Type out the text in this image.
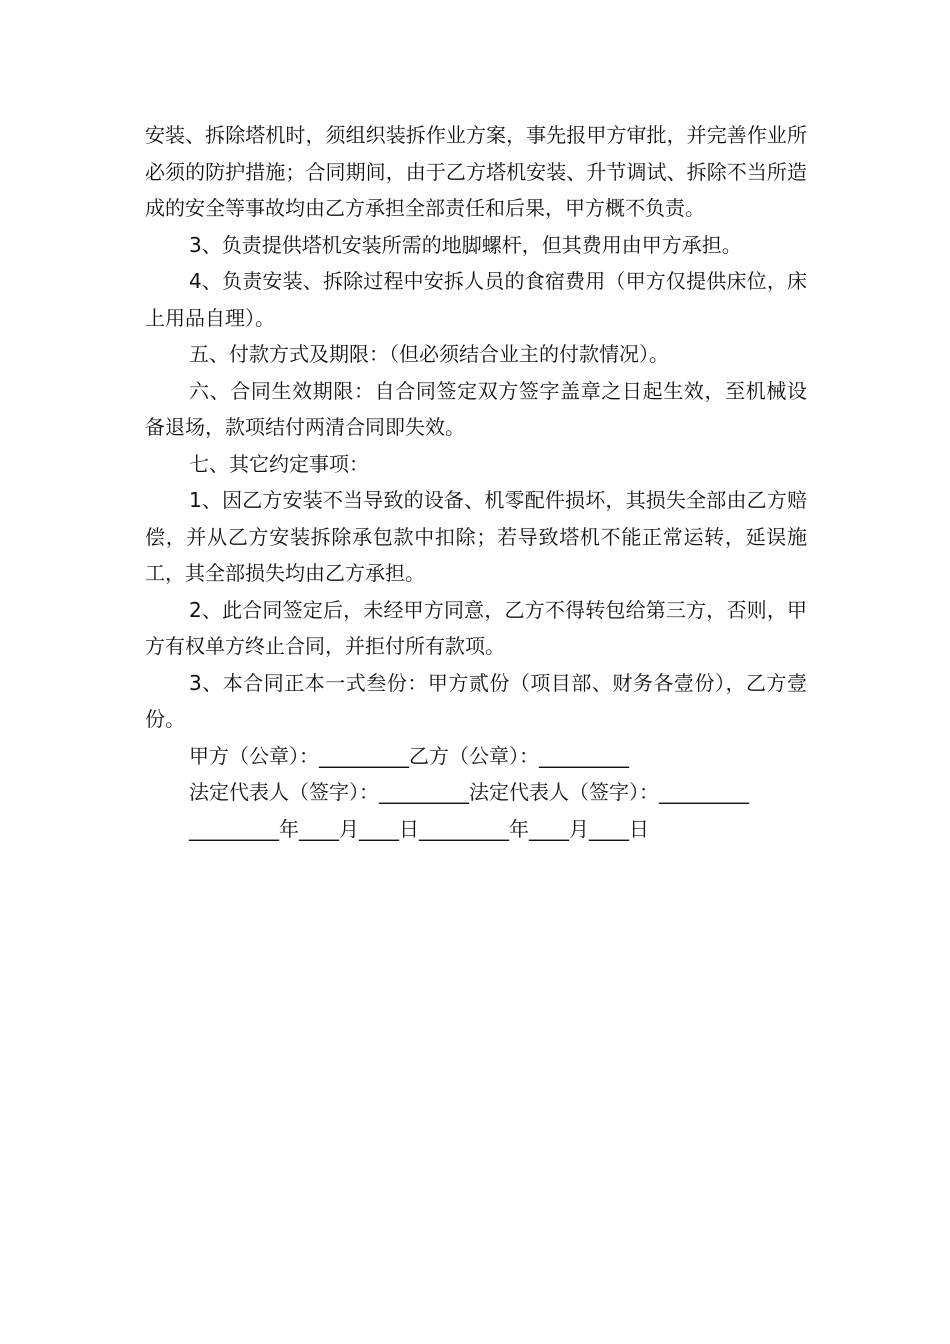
安装、拆除塔机时，须组织装拆作业方案，事先报甲方审批，并完善作业所必须的防护措施；合同期间，由于乙方塔机安装、升节调试、拆除不当所造成的安全等事故均由乙方承担全部责任和后果，甲方概不负责。

3、负责提供塔机安装所需的地脚螺杆，但其费用由甲方承担。

4、负责安装、拆除过程中安拆人员的食宿费用（甲方仅提供床位，床上用品自理）。

五、付款方式及期限：（但必须结合业主的付款情况）。

六、合同生效期限：自合同签定双方签字盖章之日起生效，至机械设备退场，款项结付两清合同即失效。

七、其它约定事项：

1、因乙方安装不当导致的设备、机零配件损坏，其损失全部由乙方赔偿，并从乙方安装拆除承包款中扣除；若导致塔机不能正常运转，延误施工，其全部损失均由乙方承担。

2、此合同签定后，未经甲方同意，乙方不得转包给第三方，否则，甲方有权单方终止合同，并拒付所有款项。

3、本合同正本一式叁份：甲方贰份（项目部、财务各壹份），乙方壹份。

甲方（公章）：_________乙方（公章）：_________

法定代表人（签字）：_________法定代表人（签字）：_________

_________年____月____日_________年____月____日
